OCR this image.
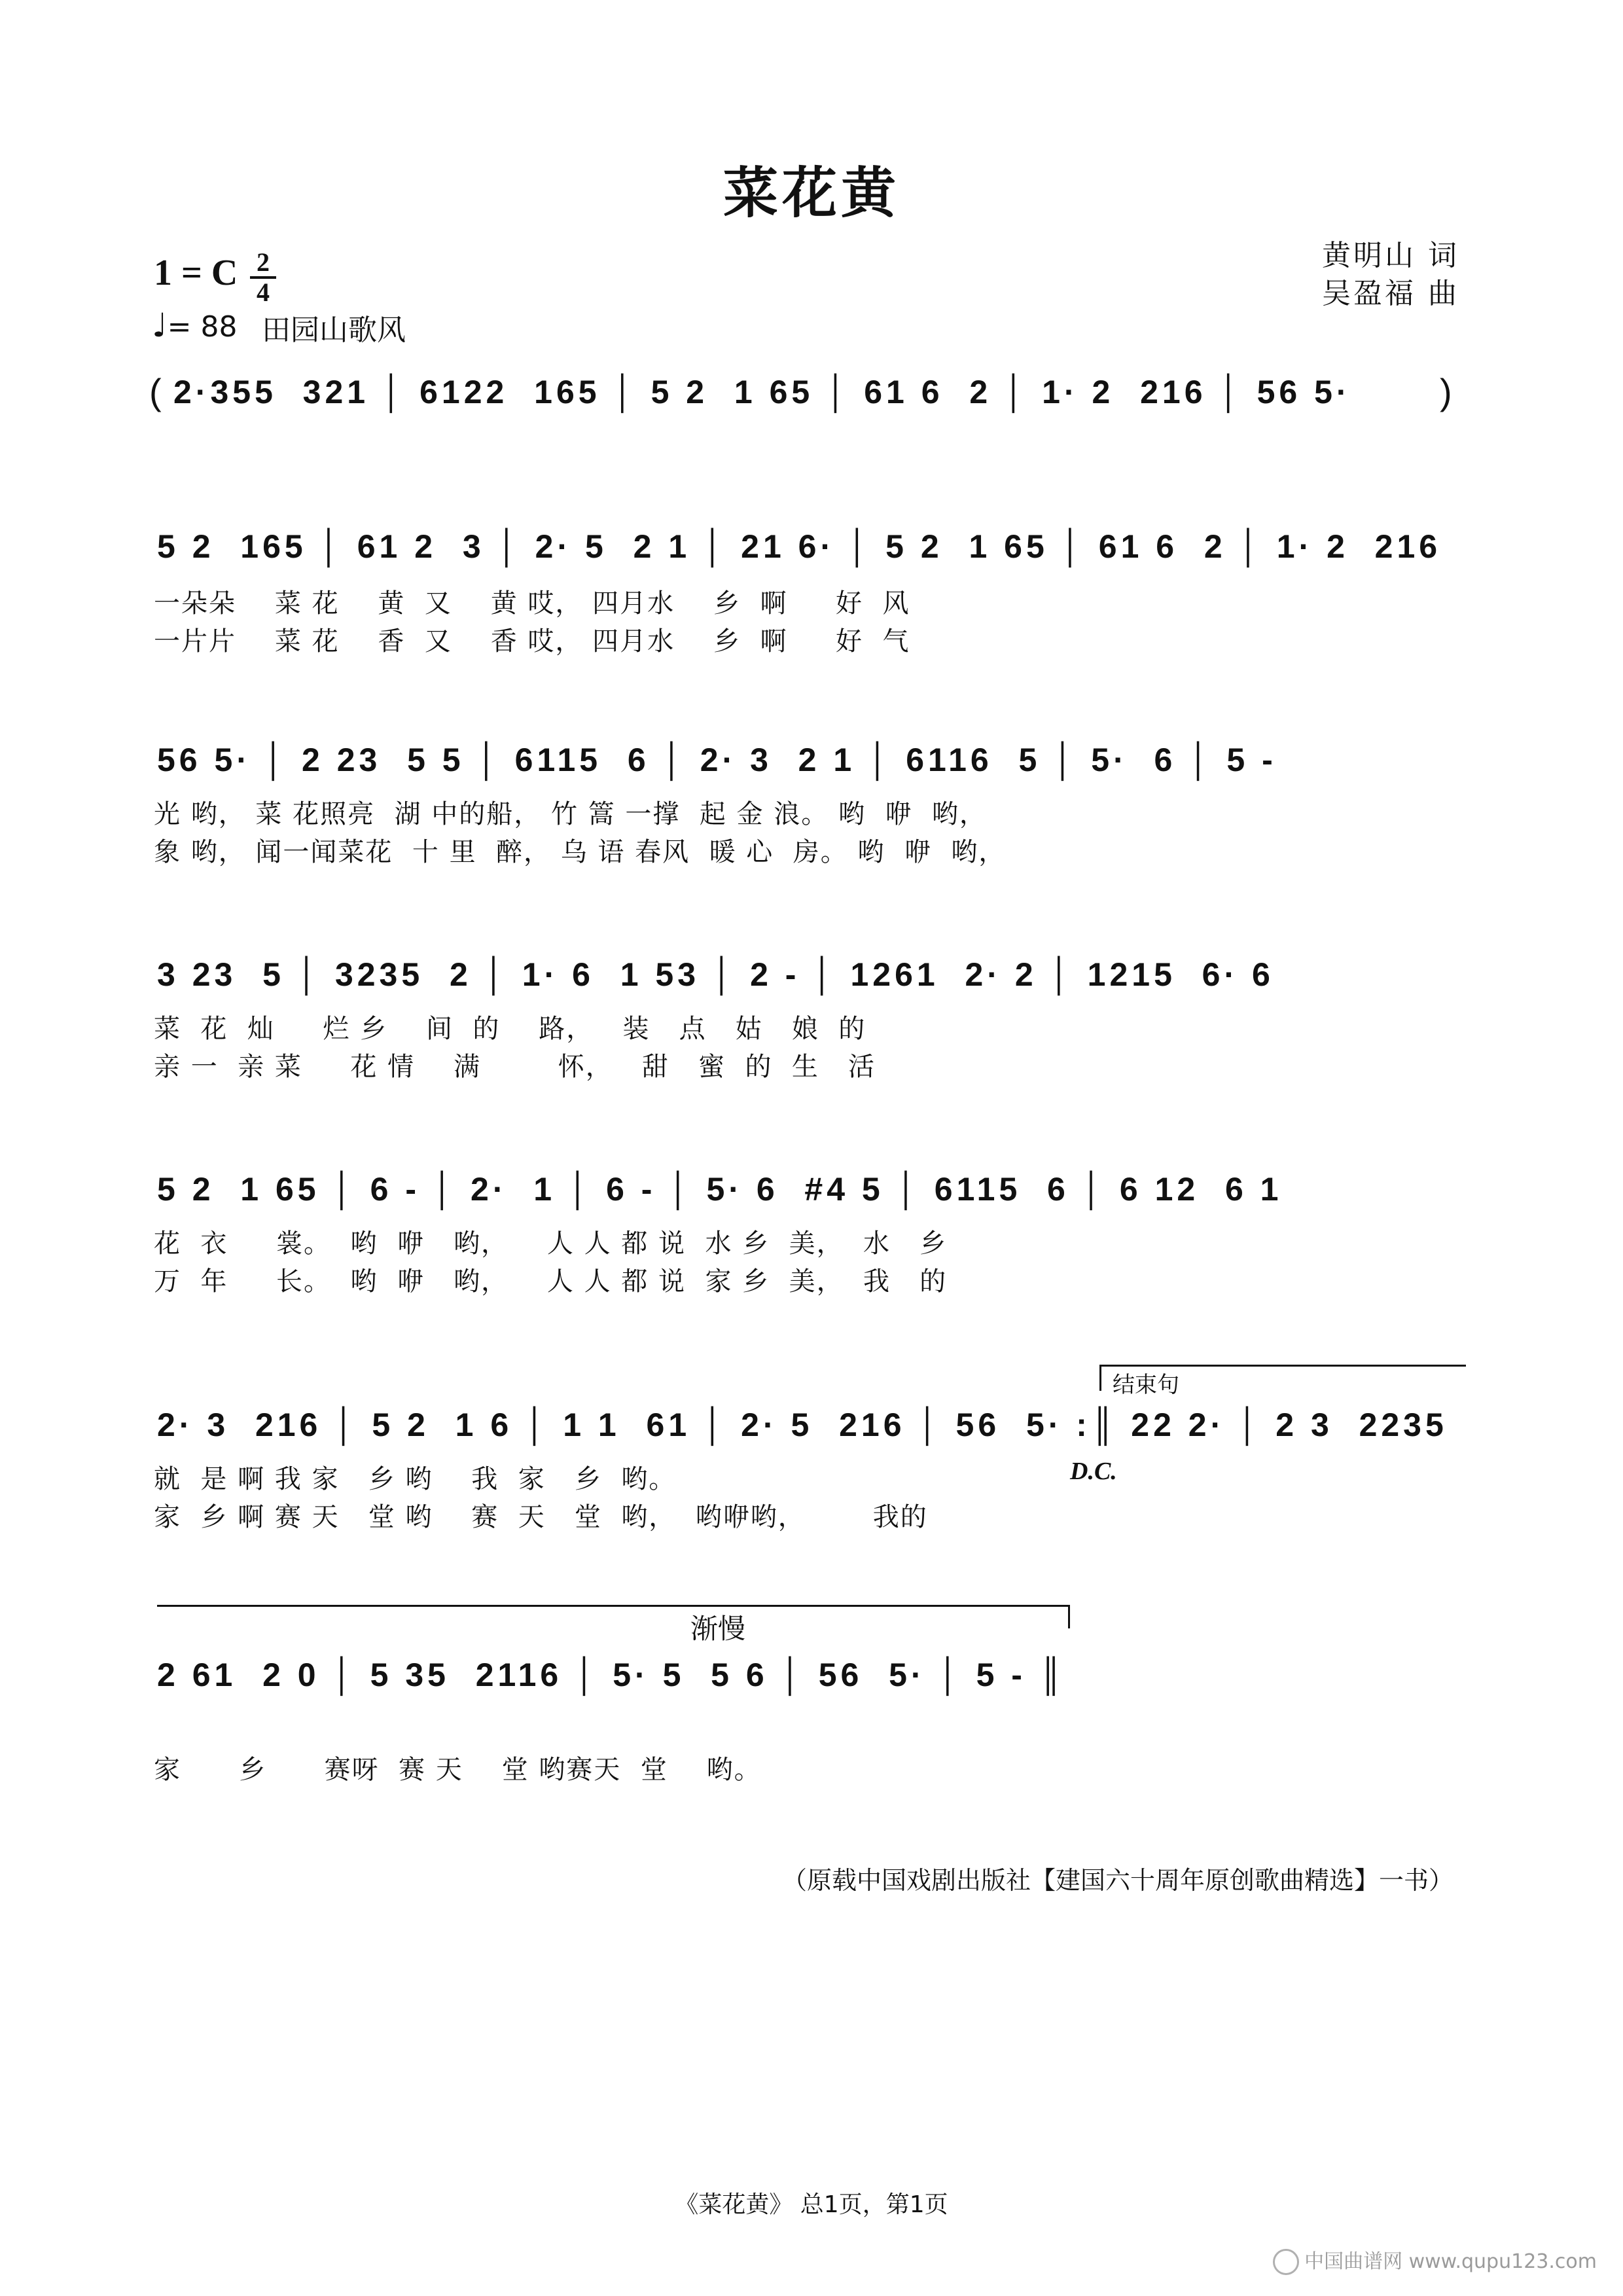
菜花黄
1 = C 2
4
♩= 88 田园山歌风
黄明山 词
吴盈福 曲
( 2·355  321 │ 6122  165 │ 5 2  1 65 │ 61 6  2 │ 1· 2  216 │ 56 5· )
5 2  165 │ 61 2  3 │ 2· 5  2 1 │ 21 6· │ 5 2  1 65 │ 61 6  2 │ 1· 2  216
一朵朵    菜 花    黄  又    黄 哎， 四月水    乡  啊     好  风
一片片    菜 花    香  又    香 哎， 四月水    乡  啊     好  气
56 5· │ 2 23  5 5 │ 6115  6 │ 2· 3  2 1 │ 6116  5 │ 5·  6 │ 5 -
光 哟， 菜 花照亮  湖 中的船， 竹 篙 一撑  起 金 浪。 哟  咿  哟，
象 哟， 闻一闻菜花  十 里  醉， 乌 语 春风  暖 心  房。 哟  咿  哟，
3 23  5 │ 3235  2 │ 1· 6  1 53 │ 2 - │ 1261  2· 2 │ 1215  6· 6
菜  花  灿     烂 乡    间  的    路，   装   点   姑   娘  的
亲 一  亲 菜     花 情    满        怀，   甜   蜜  的  生   活
5 2  1 65 │ 6 - │ 2·  1 │ 6 - │ 5· 6  #4 5 │ 6115  6 │ 6 12  6 1
花  衣     裳。  哟  咿   哟，    人 人 都 说  水 乡  美，  水   乡
万  年     长。  哟  咿   哟，    人 人 都 说  家 乡  美，  我   的
结束句
2· 3  216 │ 5 2  1 6 │ 1 1  61 │ 2· 5  216 │ 56  5· :║ 22 2· │ 2 3  2235
就  是 啊 我 家   乡 哟    我  家   乡  哟。	D.C.
家  乡 啊 赛 天   堂 哟    赛  天   堂  哟，  哟咿哟，       我的
渐慢
2 61  2 0 │ 5 35  2116 │ 5· 5  5 6 │ 56  5· │ 5 - ║
家      乡      赛呀  赛 天    堂 哟赛天  堂    哟。
（原载中国戏剧出版社【建国六十周年原创歌曲精选】一书）
《菜花黄》 总1页，第1页
中国曲谱网 www.qupu123.com
